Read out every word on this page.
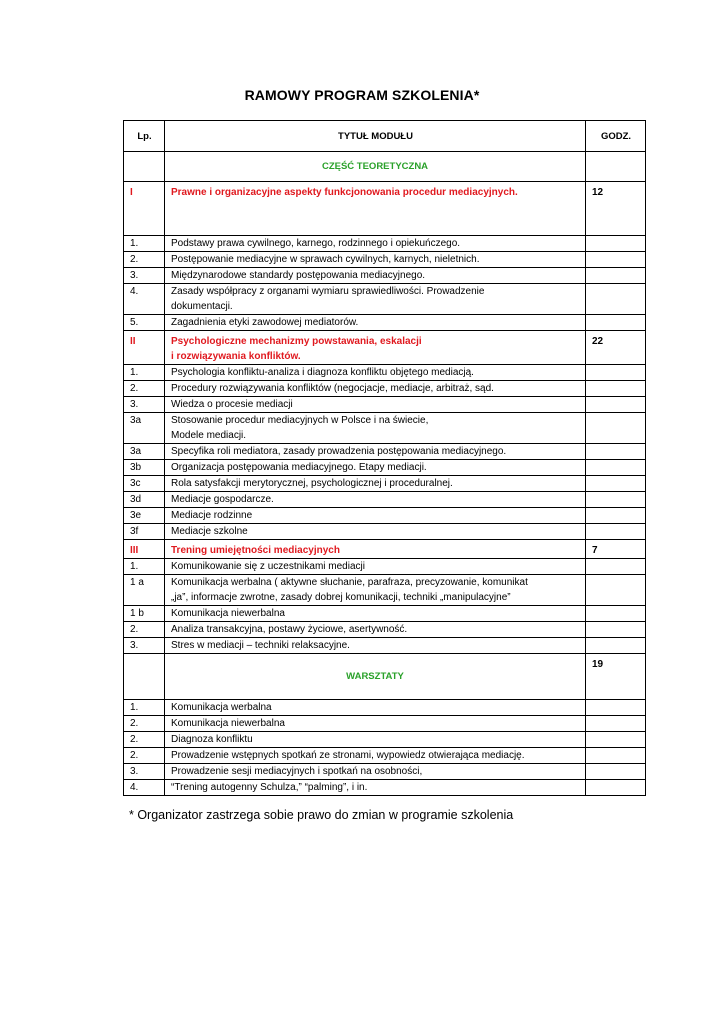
RAMOWY PROGRAM SZKOLENIA*
Lp.	TYTUŁ MODUŁU	GODZ.
	CZĘŚĆ TEORETYCZNA	
I	Prawne i organizacyjne aspekty funkcjonowania procedur mediacyjnych.	12
1.	Podstawy prawa cywilnego, karnego, rodzinnego i opiekuńczego.	
2.	Postępowanie mediacyjne w sprawach cywilnych, karnych, nieletnich.	
3.	Międzynarodowe standardy postępowania mediacyjnego.	
4.	Zasady współpracy z organami wymiaru sprawiedliwości. Prowadzenie
dokumentacji.	
5.	Zagadnienia etyki zawodowej mediatorów.	
II	Psychologiczne mechanizmy powstawania, eskalacji
i rozwiązywania konfliktów.	22
1.	Psychologia konfliktu-analiza i diagnoza konfliktu objętego mediacją.	
2.	Procedury rozwiązywania konfliktów (negocjacje, mediacje, arbitraż, sąd.	
3.	Wiedza o procesie mediacji	
3a	Stosowanie procedur mediacyjnych w Polsce i na świecie,
Modele mediacji.	
3a	Specyfika roli mediatora, zasady prowadzenia postępowania mediacyjnego.	
3b	Organizacja postępowania mediacyjnego. Etapy mediacji.	
3c	Rola satysfakcji merytorycznej, psychologicznej i proceduralnej.	
3d	Mediacje gospodarcze.	
3e	Mediacje rodzinne	
3f	Mediacje szkolne	
III	Trening umiejętności mediacyjnych	7
1.	Komunikowanie się z uczestnikami mediacji	
1 a	Komunikacja werbalna ( aktywne słuchanie, parafraza, precyzowanie, komunikat
„ja”, informacje zwrotne, zasady dobrej komunikacji, techniki „manipulacyjne”	
1 b	Komunikacja niewerbalna	
2.	Analiza transakcyjna, postawy życiowe, asertywność.	
3.	Stres w mediacji – techniki relaksacyjne.	
	WARSZTATY	19
1.	Komunikacja werbalna	
2.	Komunikacja niewerbalna	
2.	Diagnoza konfliktu	
2.	Prowadzenie wstępnych spotkań ze stronami, wypowiedz otwierająca mediację.	
3.	Prowadzenie sesji mediacyjnych i spotkań na osobności,	
4.	“Trening autogenny Schulza,” “palming”, i in.	
* Organizator zastrzega sobie prawo do zmian w programie szkolenia
